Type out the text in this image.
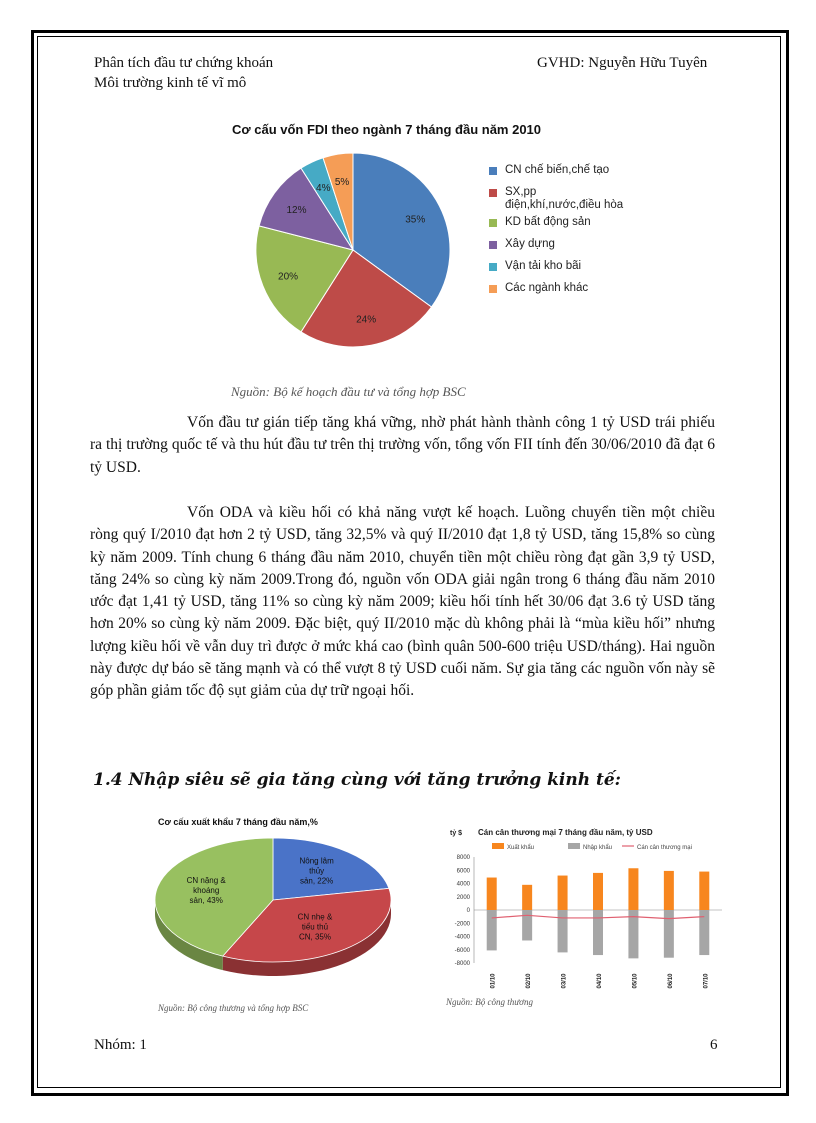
Phân tích đầu tư chứng khoán
Môi trường kinh tế vĩ mô
GVHD: Nguyễn Hữu Tuyên
Cơ cấu vốn FDI theo ngành 7 tháng đầu năm 2010
35%
24%
20%
12%
4%
5%
CN chế biến,chế tạo
SX,pp
điện,khí,nước,điều hòa
KD bất động sản
Xây dựng
Vận tải kho bãi
Các ngành khác
Nguồn: Bộ kế hoạch đầu tư và tổng hợp BSC

Vốn đầu tư gián tiếp tăng khá vững, nhờ phát hành thành công 1 tỷ USD trái phiếu ra thị trường quốc tế và thu hút đầu tư trên thị trường vốn, tổng vốn FII tính đến 30/06/2010 đã đạt 6 tỷ USD.

Vốn ODA và kiều hối có khả năng vượt kế hoạch. Luồng chuyển tiền một chiều ròng quý I/2010 đạt hơn 2 tỷ USD, tăng 32,5% và quý II/2010 đạt 1,8 tỷ USD, tăng 15,8% so cùng kỳ năm 2009. Tính chung 6 tháng đầu năm 2010, chuyển tiền một chiều ròng đạt gần 3,9 tỷ USD, tăng 24% so cùng kỳ năm 2009.Trong đó, nguồn vốn ODA giải ngân trong 6 tháng đầu năm 2010 ước đạt 1,41 tỷ USD, tăng 11% so cùng kỳ năm 2009; kiều hối tính hết 30/06 đạt 3.6 tỷ USD tăng hơn 20% so cùng kỳ năm 2009. Đặc biệt, quý II/2010 mặc dù không phải là “mùa kiều hối” nhưng lượng kiều hối về vẫn duy trì được ở mức khá cao (bình quân 500-600 triệu USD/tháng). Hai nguồn này được dự báo sẽ tăng mạnh và có thể vượt 8 tỷ USD cuối năm. Sự gia tăng các nguồn vốn này sẽ góp phần giảm tốc độ sụt giảm của dự trữ ngoại hối.

1.4 Nhập siêu sẽ gia tăng cùng với tăng trưởng kinh tế:
Cơ cấu xuất khẩu 7 tháng đầu năm,%
Nông lâm
thủy
sản, 22%
CN nhẹ &
tiểu thủ
CN, 35%
CN nặng &
khoáng
sản, 43%
Nguồn: Bộ công thương và tổng hợp BSC
Cán cân thương mại 7 tháng đầu năm, tỷ USD
tỷ $
Xuất khẩu	Nhập khẩu	Cán cân thương mại
8000
6000
4000
2000
0
-2000
-4000
-6000
-8000
01/10	02/10	03/10	04/10	05/10	06/10	07/10
Nguồn: Bộ công thương
Nhóm: 1	6
